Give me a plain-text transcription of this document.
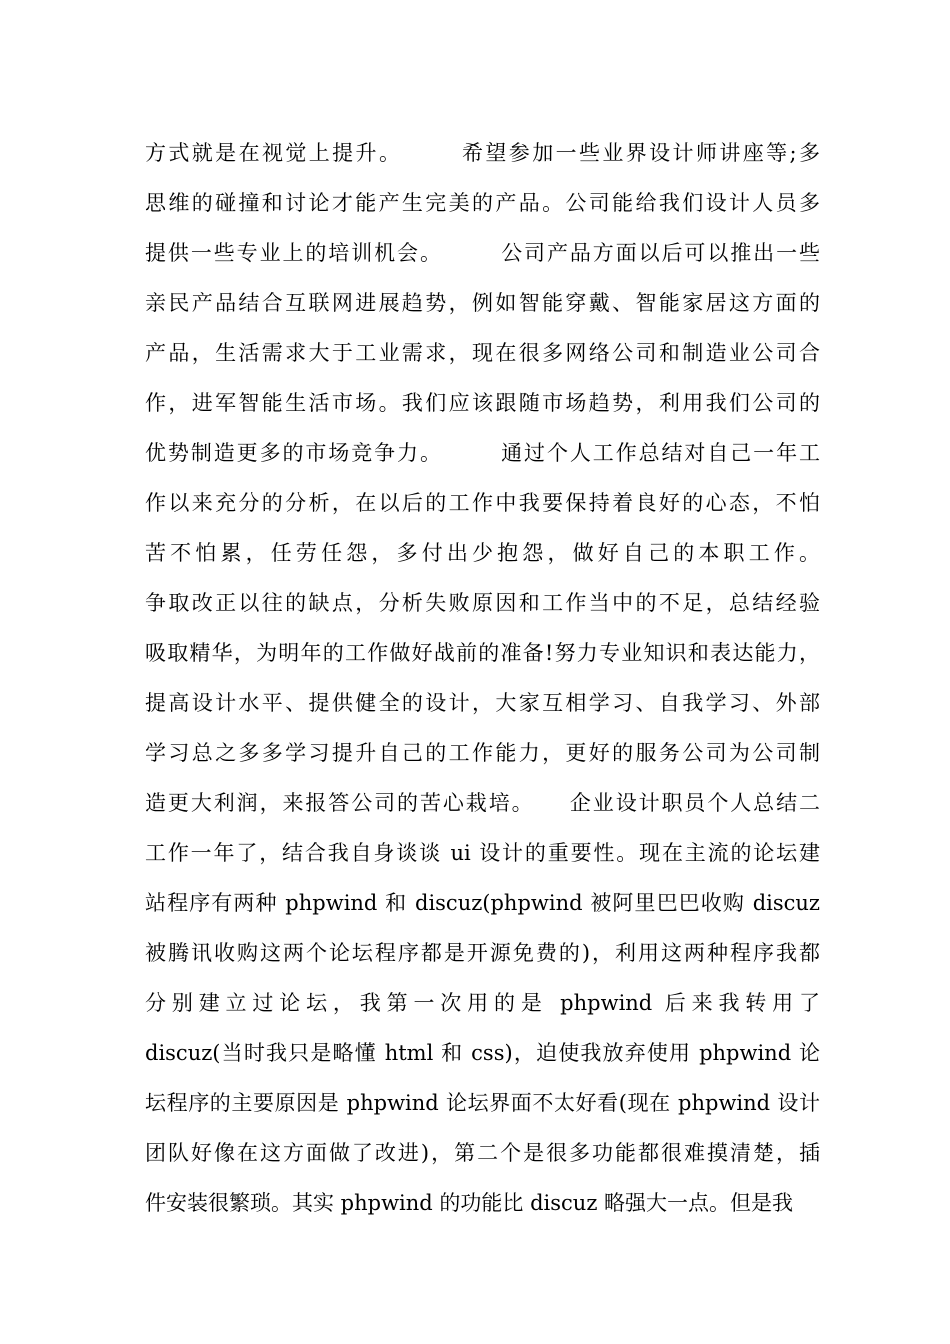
方式就是在视觉上提升。　　　希望参加一些业界设计师讲座等;多
思维的碰撞和讨论才能产生完美的产品。公司能给我们设计人员多
提供一些专业上的培训机会。　　　公司产品方面以后可以推出一些
亲民产品结合互联网进展趋势，例如智能穿戴、智能家居这方面的
产品，生活需求大于工业需求，现在很多网络公司和制造业公司合
作，进军智能生活市场。我们应该跟随市场趋势，利用我们公司的
优势制造更多的市场竞争力。　　　通过个人工作总结对自己一年工
作以来充分的分析，在以后的工作中我要保持着良好的心态，不怕
苦不怕累，任劳任怨，多付出少抱怨，做好自己的本职工作。
争取改正以往的缺点，分析失败原因和工作当中的不足，总结经验
吸取精华，为明年的工作做好战前的准备!努力专业知识和表达能力，
提高设计水平、提供健全的设计，大家互相学习、自我学习、外部
学习总之多多学习提升自己的工作能力，更好的服务公司为公司制
造更大利润，来报答公司的苦心栽培。　　企业设计职员个人总结二
工作一年了，结合我自身谈谈 ui 设计的重要性。现在主流的论坛建
站程序有两种 phpwind 和 discuz(phpwind 被阿里巴巴收购 discuz
被腾讯收购这两个论坛程序都是开源免费的)，利用这两种程序我都
分别建立过论坛，我第一次用的是 phpwind 后来我转用了
discuz(当时我只是略懂 html 和 css)，迫使我放弃使用 phpwind 论
坛程序的主要原因是 phpwind 论坛界面不太好看(现在 phpwind 设计
团队好像在这方面做了改进)，第二个是很多功能都很难摸清楚，插
件安装很繁琐。其实 phpwind 的功能比 discuz 略强大一点。但是我
